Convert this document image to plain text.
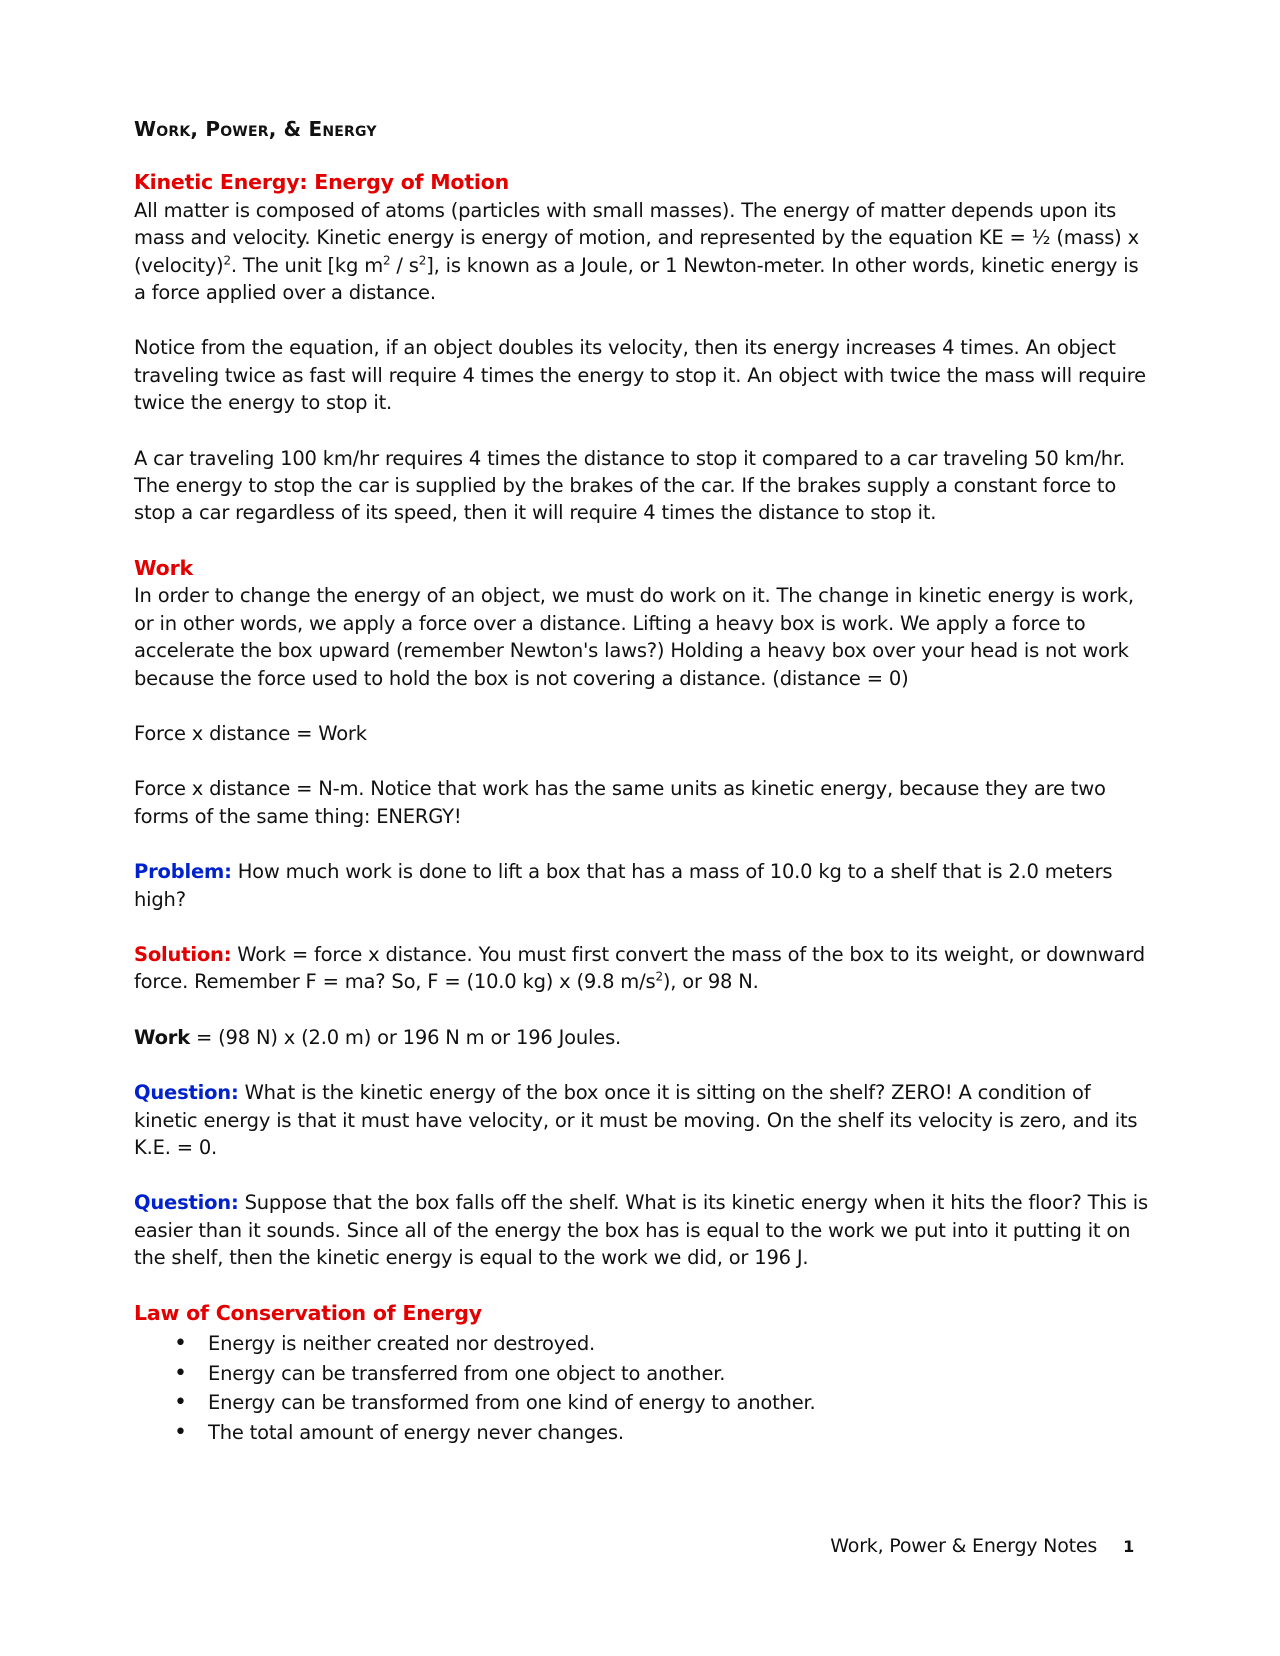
Work, Power, & Energy
Kinetic Energy: Energy of Motion

All matter is composed of atoms (particles with small masses). The energy of matter depends upon its mass and velocity. Kinetic energy is energy of motion, and represented by the equation KE = ½ (mass) x (velocity)$^2$. The unit [kg $m^2 / s^2$], is known as a Joule, or 1 Newton-meter. In other words, kinetic energy is a force applied over a distance.

Notice from the equation, if an object doubles its velocity, then its energy increases 4 times. An object traveling twice as fast will require 4 times the energy to stop it. An object with twice the mass will require twice the energy to stop it.

A car traveling 100 km/hr requires 4 times the distance to stop it compared to a car traveling 50 km/hr. The energy to stop the car is supplied by the brakes of the car. If the brakes supply a constant force to stop a car regardless of its speed, then it will require 4 times the distance to stop it.

Work

In order to change the energy of an object, we must do work on it. The change in kinetic energy is work, or in other words, we apply a force over a distance. Lifting a heavy box is work. We apply a force to accelerate the box upward (remember Newton's laws?) Holding a heavy box over your head is not work because the force used to hold the box is not covering a distance. (distance = 0)

Force x distance = Work

Force x distance = N-m. Notice that work has the same units as kinetic energy, because they are two forms of the same thing: ENERGY!

Problem: How much work is done to lift a box that has a mass of 10.0 kg to a shelf that is 2.0 meters high?

Solution: Work = force x distance. You must first convert the mass of the box to its weight, or downward force. Remember F = ma? So, F = (10.0 kg) x (9.8 $m/s^2$), or 98 N.

Work = (98 N) x (2.0 m) or 196 N m or 196 Joules.

Question: What is the kinetic energy of the box once it is sitting on the shelf? ZERO! A condition of kinetic energy is that it must have velocity, or it must be moving. On the shelf its velocity is zero, and its K.E. = 0.

Question: Suppose that the box falls off the shelf. What is its kinetic energy when it hits the floor? This is easier than it sounds. Since all of the energy the box has is equal to the work we put into it putting it on the shelf, then the kinetic energy is equal to the work we did, or 196 J.

Law of Conservation of Energy
• Energy is neither created nor destroyed.
• Energy can be transferred from one object to another.
• Energy can be transformed from one kind of energy to another.
• The total amount of energy never changes.
Work, Power & Energy Notes 1
